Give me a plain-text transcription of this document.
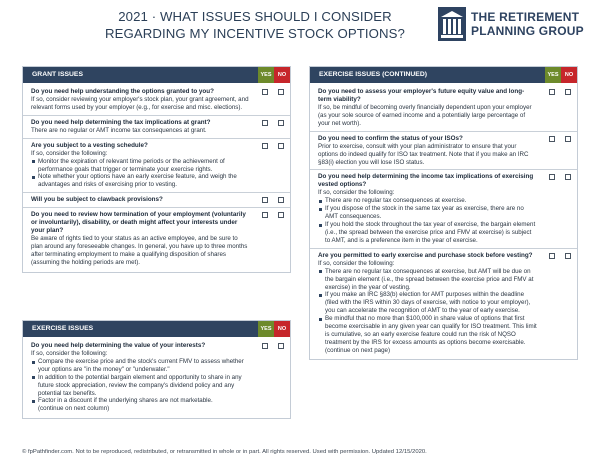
2021 · WHAT ISSUES SHOULD I CONSIDER
REGARDING MY INCENTIVE STOCK OPTIONS?
THE RETIREMENT
PLANNING GROUP
GRANT ISSUES	YES	NO
Do you need help understanding the options granted to you?
If so, consider reviewing your employer's stock plan, your grant agreement, and relevant forms used by your employer (e.g., for exercise and misc. elections).
Do you need help determining the tax implications at grant?
There are no regular or AMT income tax consequences at grant.
Are you subject to a vesting schedule?
If so, consider the following:
Monitor the expiration of relevant time periods or the achievement of performance goals that trigger or terminate your exercise rights.
Note whether your options have an early exercise feature, and weigh the advantages and risks of exercising prior to vesting.
Will you be subject to clawback provisions?
Do you need to review how termination of your employment (voluntarily or involuntarily), disability, or death might affect your interests under your plan?
Be aware of rights tied to your status as an active employee, and be sure to plan around any foreseeable changes. In general, you have up to three months after terminating employment to make a qualifying disposition of shares (assuming the holding periods are met).
EXERCISE ISSUES	YES	NO
Do you need help determining the value of your interests?
If so, consider the following:
Compare the exercise price and the stock's current FMV to assess whether your options are "in the money" or "underwater."
In addition to the potential bargain element and opportunity to share in any future stock appreciation, review the company's dividend policy and any potential tax benefits.
Factor in a discount if the underlying shares are not marketable.
(continue on next column)
EXERCISE ISSUES (CONTINUED)	YES	NO
Do you need to assess your employer's future equity value and long-term viability?
If so, be mindful of becoming overly financially dependent upon your employer (as your sole source of earned income and a potentially large percentage of your net worth).
Do you need to confirm the status of your ISOs?
Prior to exercise, consult with your plan administrator to ensure that your options do indeed qualify for ISO tax treatment. Note that if you make an IRC §83(i) election you will lose ISO status.
Do you need help determining the income tax implications of exercising vested options?
If so, consider the following:
There are no regular tax consequences at exercise.
If you dispose of the stock in the same tax year as exercise, there are no AMT consequences.
If you hold the stock throughout the tax year of exercise, the bargain element (i.e., the spread between the exercise price and FMV at exercise) is subject to AMT, and is a preference item in the year of exercise.
Are you permitted to early exercise and purchase stock before vesting?
If so, consider the following:
There are no regular tax consequences at exercise, but AMT will be due on the bargain element (i.e., the spread between the exercise price and FMV at exercise) in the year of vesting.
If you make an IRC §83(b) election for AMT purposes within the deadline (filed with the IRS within 30 days of exercise, with notice to your employer), you can accelerate the recognition of AMT to the year of early exercise.
Be mindful that no more than $100,000 in share value of options that first become exercisable in any given year can qualify for ISO treatment. This limit is cumulative, so an early exercise feature could run the risk of NQSO treatment by the IRS for excess amounts as options become exercisable.
(continue on next page)
© fpPathfinder.com. Not to be reproduced, redistributed, or retransmitted in whole or in part. All rights reserved. Used with permission. Updated 12/15/2020.
